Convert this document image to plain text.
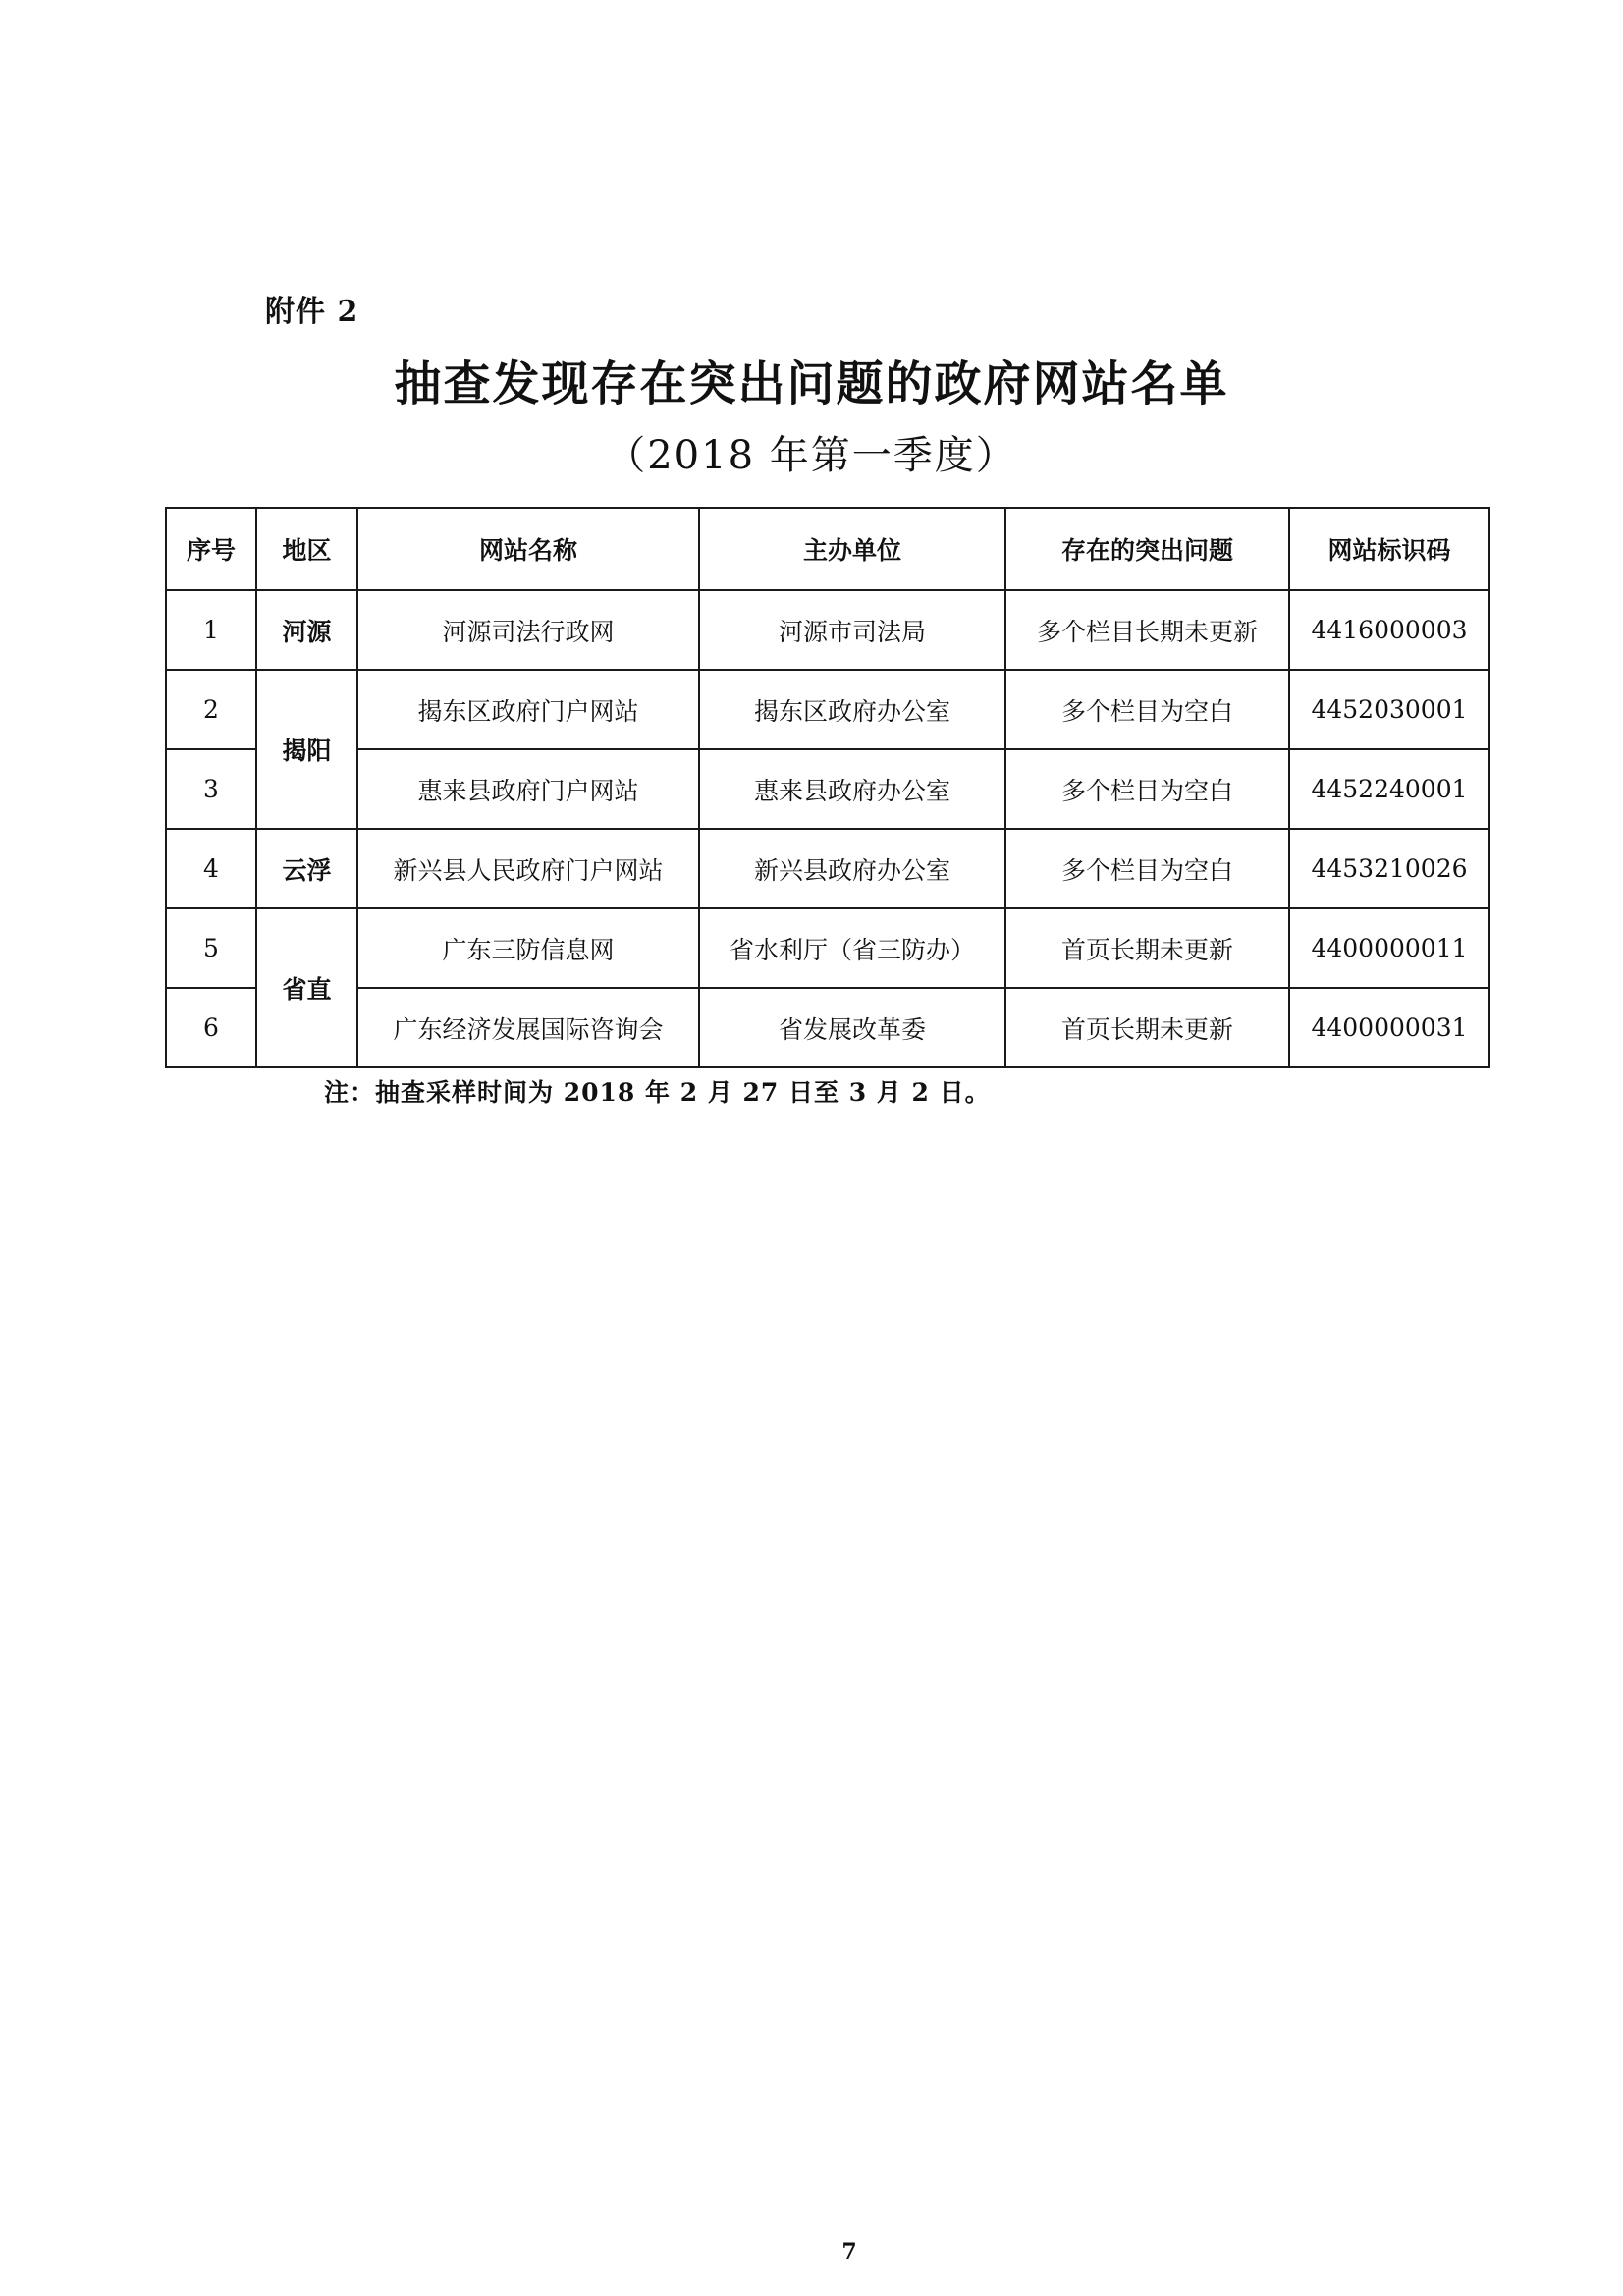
附件 2
抽查发现存在突出问题的政府网站名单
（2018 年第一季度）
序号	地区	网站名称	主办单位	存在的突出问题	网站标识码
1	河源	河源司法行政网	河源市司法局	多个栏目长期未更新	4416000003
2	揭阳	揭东区政府门户网站	揭东区政府办公室	多个栏目为空白	4452030001
3		惠来县政府门户网站	惠来县政府办公室	多个栏目为空白	4452240001
4	云浮	新兴县人民政府门户网站	新兴县政府办公室	多个栏目为空白	4453210026
5	省直	广东三防信息网	省水利厅（省三防办）	首页长期未更新	4400000011
6		广东经济发展国际咨询会	省发展改革委	首页长期未更新	4400000031
注：抽查采样时间为 2018 年 2 月 27 日至 3 月 2 日。
7
